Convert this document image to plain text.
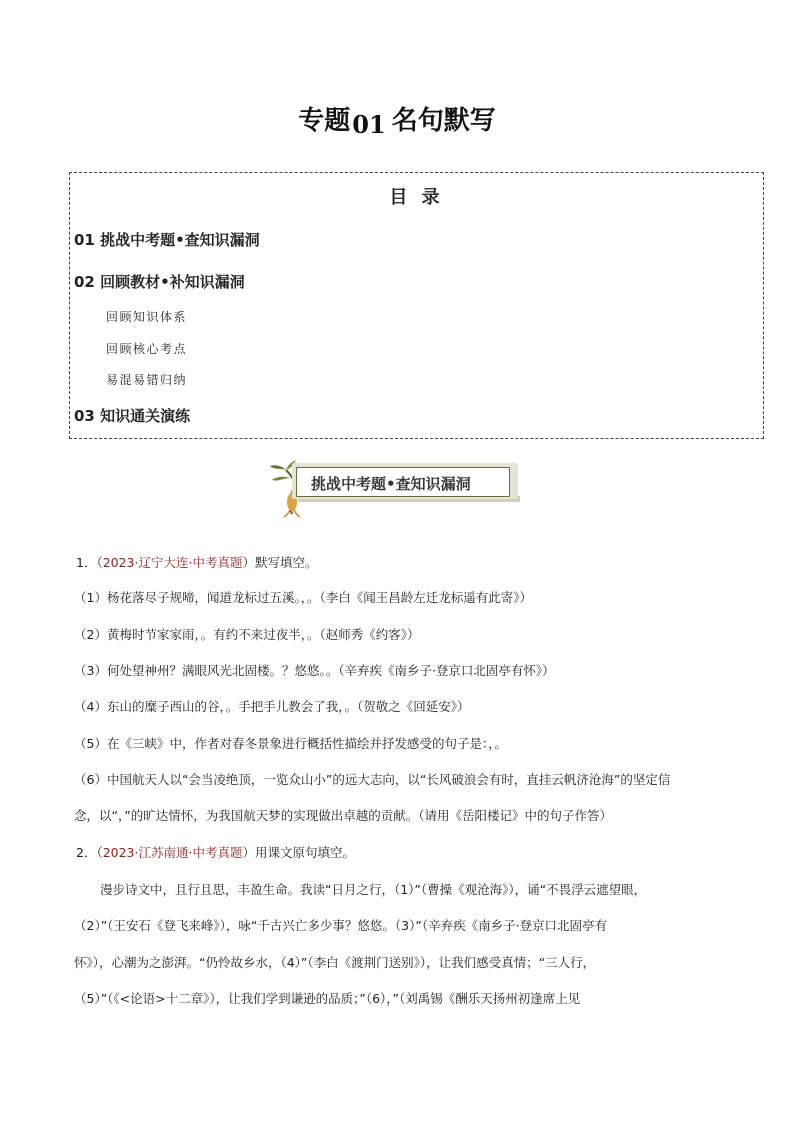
专题01 名句默写
目 录
01 挑战中考题•查知识漏洞
02 回顾教材•补知识漏洞
回顾知识体系
回顾核心考点
易混易错归纳
03 知识通关演练
挑战中考题•查知识漏洞
1．（2023·辽宁大连·中考真题）默写填空。
（1）杨花落尽子规啼，闻道龙标过五溪。，。（李白《闻王昌龄左迁龙标遥有此寄》）
（2）黄梅时节家家雨，。有约不来过夜半，。（赵师秀《约客》）
（3）何处望神州？满眼风光北固楼。？悠悠。。（辛弃疾《南乡子·登京口北固亭有怀》）
（4）东山的糜子西山的谷，。手把手儿教会了我，。（贺敬之《回延安》）
（5）在《三峡》中，作者对春冬景象进行概括性描绘并抒发感受的句子是：，。
（6）中国航天人以“会当凌绝顶，一览众山小”的远大志向，以“长风破浪会有时，直挂云帆济沧海”的坚定信
念，以“，”的旷达情怀，为我国航天梦的实现做出卓越的贡献。（请用《岳阳楼记》中的句子作答）
2．（2023·江苏南通·中考真题）用课文原句填空。
漫步诗文中，且行且思，丰盈生命。我读“日月之行，（1）”（曹操《观沧海》），诵“不畏浮云遮望眼，
（2）”（王安石《登飞来峰》），咏“千古兴亡多少事？悠悠。（3）”（辛弃疾《南乡子·登京口北固亭有
怀》），心潮为之澎湃。“仍怜故乡水，（4）”（李白《渡荆门送别》），让我们感受真情；“三人行，
（5）”（《<论语>十二章》），让我们学到谦逊的品质；”（6），”（刘禹锡《酬乐天扬州初逢席上见
